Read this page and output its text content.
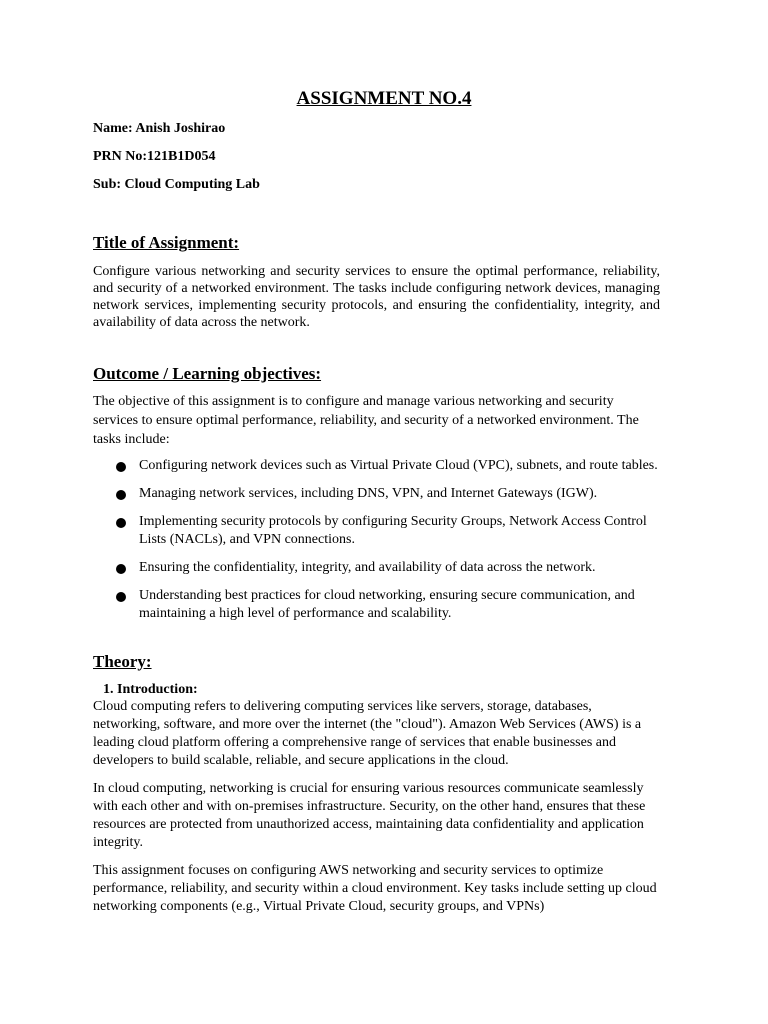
ASSIGNMENT NO.4

Name: Anish Joshirao

PRN No:121B1D054

Sub: Cloud Computing Lab

Title of Assignment:

Configure various networking and security services to ensure the optimal performance, reliability, and security of a networked environment. The tasks include configuring network devices, managing network services, implementing security protocols, and ensuring the confidentiality, integrity, and availability of data across the network.

Outcome / Learning objectives:

The objective of this assignment is to configure and manage various networking and security services to ensure optimal performance, reliability, and security of a networked environment. The tasks include:

Configuring network devices such as Virtual Private Cloud (VPC), subnets, and route tables.
Managing network services, including DNS, VPN, and Internet Gateways (IGW).
Implementing security protocols by configuring Security Groups, Network Access Control Lists (NACLs), and VPN connections.
Ensuring the confidentiality, integrity, and availability of data across the network.
Understanding best practices for cloud networking, ensuring secure communication, and maintaining a high level of performance and scalability.
Theory:

1. Introduction:

Cloud computing refers to delivering computing services like servers, storage, databases, networking, software, and more over the internet (the "cloud"). Amazon Web Services (AWS) is a leading cloud platform offering a comprehensive range of services that enable businesses and developers to build scalable, reliable, and secure applications in the cloud.

In cloud computing, networking is crucial for ensuring various resources communicate seamlessly with each other and with on-premises infrastructure. Security, on the other hand, ensures that these resources are protected from unauthorized access, maintaining data confidentiality and application integrity.

This assignment focuses on configuring AWS networking and security services to optimize performance, reliability, and security within a cloud environment. Key tasks include setting up cloud networking components (e.g., Virtual Private Cloud, security groups, and VPNs)
